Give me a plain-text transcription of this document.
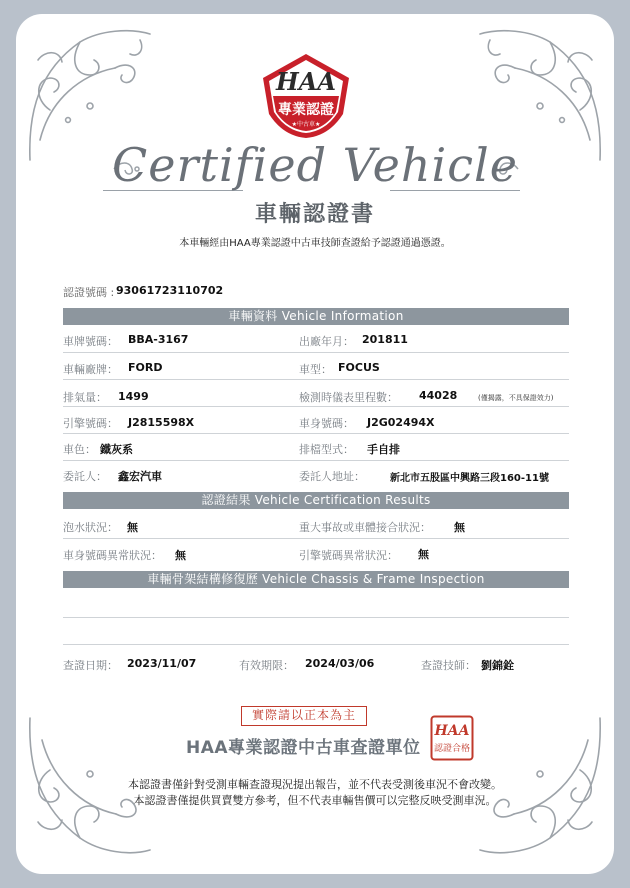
HAA
專業認證
★中古車★
Certified Vehicle
車輛認證書
本車輛經由HAA專業認證中古車技師查證給予認證通過憑證。
認證號碼 : 93061723110702
車輛資料 Vehicle Information
車牌號碼： BBA-3167	出廠年月： 201811
車輛廠牌： FORD	車型： FOCUS
排氣量： 1499	檢測時儀表里程數： 44028	(僅揭露，不具保證效力)
引擎號碼： J2815598X	車身號碼： J2G02494X
車色： 鐵灰系	排檔型式： 手自排
委託人： 鑫宏汽車	委託人地址：	新北市五股區中興路三段160-11號
認證結果 Vehicle Certification Results
泡水狀況： 無	重大事故或車體接合狀況： 無
車身號碼異常狀況： 無	引擎號碼異常狀況： 無
車輛骨架結構修復歷 Vehicle Chassis & Frame Inspection
查證日期： 2023/11/07	有效期限： 2024/03/06	查證技師： 劉錦銓
實際請以正本為主
HAA專業認證中古車查證單位
HAA
認證合格
本認證書僅針對受測車輛查證現況提出報告，並不代表受測後車況不會改變。
本認證書僅提供買賣雙方參考，但不代表車輛售價可以完整反映受測車況。
